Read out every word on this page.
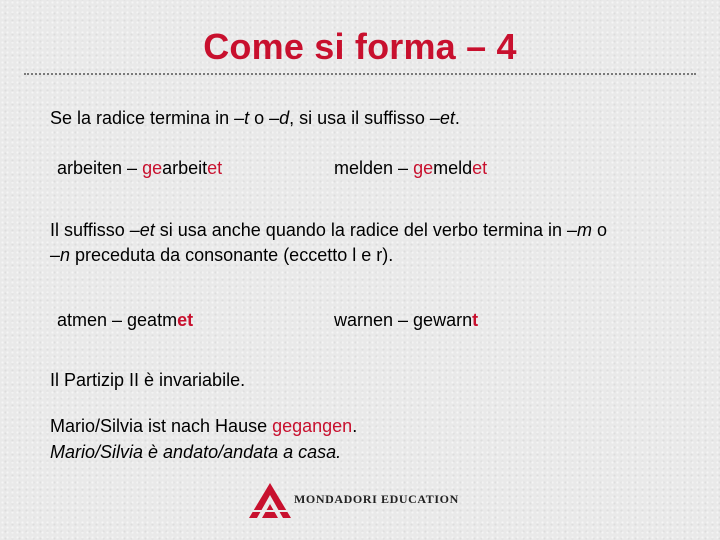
Come si forma – 4
Se la radice termina in –t o –d, si usa il suffisso –et.
arbeiten – gearbeitet	melden – gemeldet
Il suffisso –et si usa anche quando la radice del verbo termina in –m o
–n preceduta da consonante (eccetto l e r).
atmen – geatmet	warnen – gewarnt
Il Partizip II è invariabile.
Mario/Silvia ist nach Hause gegangen.
Mario/Silvia è andato/andata a casa.
MONDADORI EDUCATION
